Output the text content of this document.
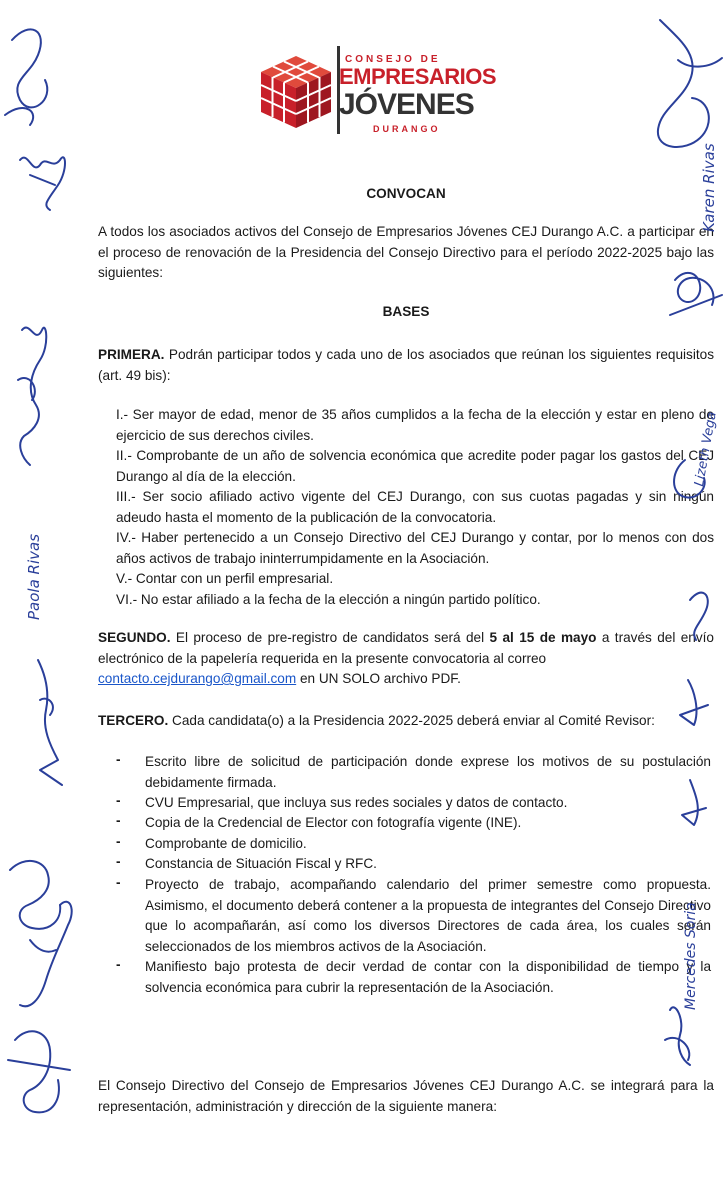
CONSEJO DE
EMPRESARIOS
JÓVENES
DURANGO
CONVOCAN
A todos los asociados activos del Consejo de Empresarios Jóvenes CEJ Durango A.C. a participar en el proceso de renovación de la Presidencia del Consejo Directivo para el período 2022-2025 bajo las siguientes:
BASES
PRIMERA. Podrán participar todos y cada uno de los asociados que reúnan los siguientes requisitos (art. 49 bis):
I.- Ser mayor de edad, menor de 35 años cumplidos a la fecha de la elección y estar en pleno de ejercicio de sus derechos civiles.
II.- Comprobante de un año de solvencia económica que acredite poder pagar los gastos del CEJ Durango al día de la elección.
III.- Ser socio afiliado activo vigente del CEJ Durango, con sus cuotas pagadas y sin ningún adeudo hasta el momento de la publicación de la convocatoria.
IV.- Haber pertenecido a un Consejo Directivo del CEJ Durango y contar, por lo menos con dos años activos de trabajo ininterrumpidamente en la Asociación.
V.- Contar con un perfil empresarial.
VI.- No estar afiliado a la fecha de la elección a ningún partido político.
SEGUNDO. El proceso de pre-registro de candidatos será del 5 al 15 de mayo a través del envío electrónico de la papelería requerida en la presente convocatoria al correo
contacto.cejdurango@gmail.com en UN SOLO archivo PDF.
TERCERO. Cada candidata(o) a la Presidencia 2022-2025 deberá enviar al Comité Revisor:
- Escrito libre de solicitud de participación donde exprese los motivos de su postulación debidamente firmada.
- CVU Empresarial, que incluya sus redes sociales y datos de contacto.
- Copia de la Credencial de Elector con fotografía vigente (INE).
- Comprobante de domicilio.
- Constancia de Situación Fiscal y RFC.
- Proyecto de trabajo, acompañando calendario del primer semestre como propuesta. Asimismo, el documento deberá contener a la propuesta de integrantes del Consejo Directivo que lo acompañarán, así como los diversos Directores de cada área, los cuales serán seleccionados de los miembros activos de la Asociación.
- Manifiesto bajo protesta de decir verdad de contar con la disponibilidad de tiempo y la solvencia económica para cubrir la representación de la Asociación.
El Consejo Directivo del Consejo de Empresarios Jóvenes CEJ Durango A.C. se integrará para la representación, administración y dirección de la siguiente manera:
Paola Rivas
Karen Rivas
Mercedes Soria
Lizeth Vega
